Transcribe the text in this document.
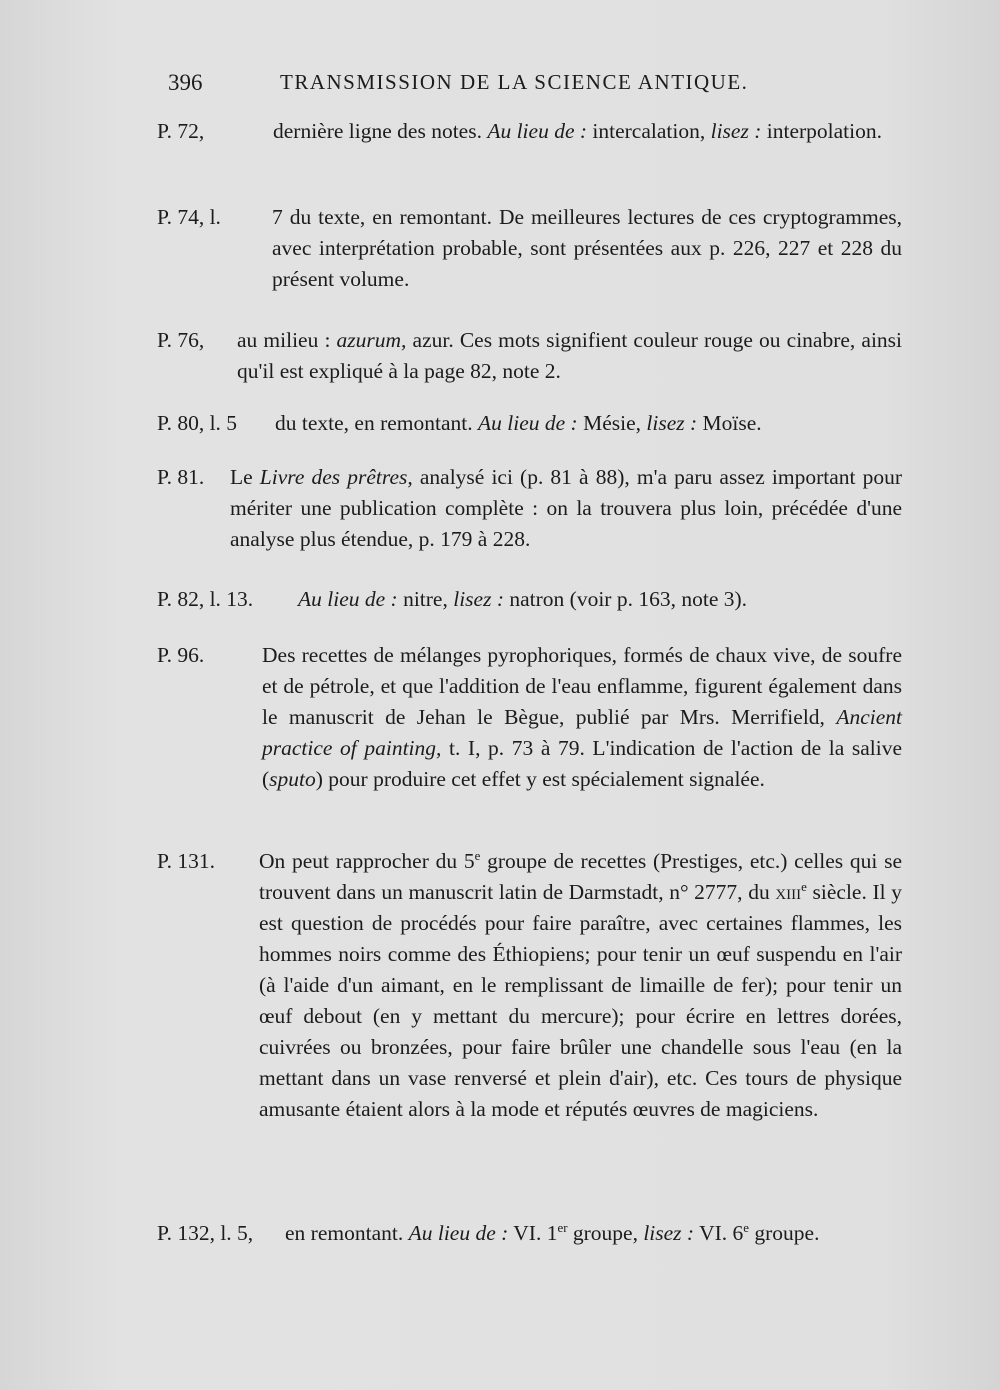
396	TRANSMISSION DE LA SCIENCE ANTIQUE.
P. 72,	dernière ligne des notes. Au lieu de : intercalation, lisez : interpolation.
P. 74, l. 7 du texte, en remontant. De meilleures lectures de ces cryptogrammes, avec interprétation probable, sont présentées aux p. 226, 227 et 228 du présent volume.
P. 76, au milieu : azurum, azur. Ces mots signifient couleur rouge ou cinabre, ainsi qu'il est expliqué à la page 82, note 2.
P. 80, l. 5 du texte, en remontant. Au lieu de : Mésie, lisez : Moïse.
P. 81. Le Livre des prêtres, analysé ici (p. 81 à 88), m'a paru assez important pour mériter une publication complète : on la trouvera plus loin, précédée d'une analyse plus étendue, p. 179 à 228.
P. 82, l. 13. Au lieu de : nitre, lisez : natron (voir p. 163, note 3).
P. 96.	Des recettes de mélanges pyrophoriques, formés de chaux vive, de soufre et de pétrole, et que l'addition de l'eau enflamme, figurent également dans le manuscrit de Jehan le Bègue, publié par Mrs. Merrifield, Ancient practice of painting, t. I, p. 73 à 79. L'indication de l'action de la salive (sputo) pour produire cet effet y est spécialement signalée.
P. 131. On peut rapprocher du 5e groupe de recettes (Prestiges, etc.) celles qui se trouvent dans un manuscrit latin de Darmstadt, n° 2777, du xiii$^e$ siècle. Il y est question de procédés pour faire paraître, avec certaines flammes, les hommes noirs comme des Éthiopiens; pour tenir un œuf suspendu en l'air (à l'aide d'un aimant, en le remplissant de limaille de fer); pour tenir un œuf debout (en y mettant du mercure); pour écrire en lettres dorées, cuivrées ou bronzées, pour faire brûler une chandelle sous l'eau (en la mettant dans un vase renversé et plein d'air), etc. Ces tours de physique amusante étaient alors à la mode et réputés œuvres de magiciens.
P. 132, l. 5, en remontant. Au lieu de : VI. 1er groupe, lisez : VI. 6e groupe.
